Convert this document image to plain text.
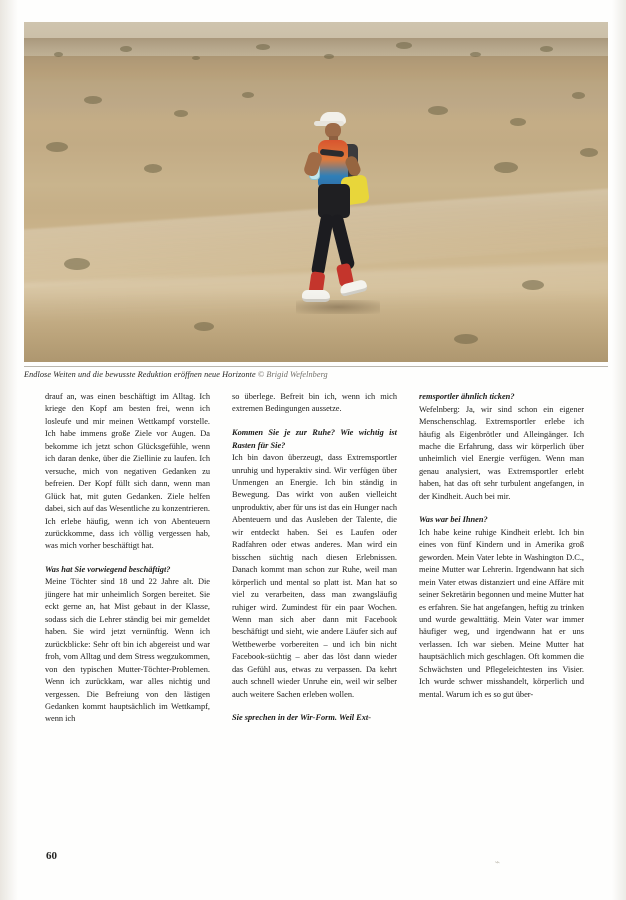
Endlose Weiten und die bewusste Reduktion eröffnen neue Horizonte © Brigid Wefelnberg

drauf an, was einen beschäftigt im Alltag. Ich kriege den Kopf am besten frei, wenn ich losleufe und mir meinen Wettkampf vorstelle. Ich habe immens große Ziele vor Augen. Da bekomme ich jetzt schon Glücksgefühle, wenn ich daran denke, über die Ziellinie zu laufen. Ich versuche, mich von negativen Gedanken zu befreien. Der Kopf füllt sich dann, wenn man Glück hat, mit guten Gedanken. Ziele helfen dabei, sich auf das Wesentliche zu konzentrieren. Ich erlebe häufig, wenn ich von Abenteuern zurückkomme, dass ich völlig vergessen hab, was mich vorher beschäftigt hat.

Was hat Sie vorwiegend beschäftigt?

Meine Töchter sind 18 und 22 Jahre alt. Die jüngere hat mir unheimlich Sorgen bereitet. Sie eckt gerne an, hat Mist gebaut in der Klasse, sodass sich die Lehrer ständig bei mir gemeldet haben. Sie wird jetzt vernünftig. Wenn ich zurückblicke: Sehr oft bin ich abgereist und war froh, vom Alltag und dem Stress wegzukommen, von den typischen Mutter-Töchter-Problemen. Wenn ich zurückkam, war alles nichtig und vergessen. Die Befreiung von den lästigen Gedanken kommt hauptsächlich im Wettkampf, wenn ich

so überlege. Befreit bin ich, wenn ich mich extremen Bedingungen aussetze.

Kommen Sie je zur Ruhe? Wie wichtig ist Rasten für Sie?

Ich bin davon überzeugt, dass Extremsportler unruhig und hyperaktiv sind. Wir verfügen über Unmengen an Energie. Ich bin ständig in Bewegung. Das wirkt von außen vielleicht unproduktiv, aber für uns ist das ein Hunger nach Abenteuern und das Ausleben der Talente, die wir entdeckt haben. Sei es Laufen oder Radfahren oder etwas anderes. Man wird ein bisschen süchtig nach diesen Erlebnissen. Danach kommt man schon zur Ruhe, weil man körperlich und mental so platt ist. Man hat so viel zu verarbeiten, dass man zwangsläufig ruhiger wird. Zumindest für ein paar Wochen. Wenn man sich aber dann mit Facebook beschäftigt und sieht, wie andere Läufer sich auf Wettbewerbe vorbereiten – und ich bin nicht Facebook-süchtig – aber das löst dann wieder das Gefühl aus, etwas zu verpassen. Da kehrt auch schnell wieder Unruhe ein, weil wir selber auch weitere Sachen erleben wollen.

Sie sprechen in der Wir-Form. Weil Ext-

remsportler ähnlich ticken?

Wefelnberg: Ja, wir sind schon ein eigener Menschenschlag. Extremsportler erlebe ich häufig als Eigenbrötler und Alleingänger. Ich mache die Erfahrung, dass wir körperlich über unheimlich viel Energie verfügen. Wenn man genau analysiert, was Extremsportler erlebt haben, hat das oft sehr turbulent angefangen, in der Kindheit. Auch bei mir.

Was war bei Ihnen?

Ich habe keine ruhige Kindheit erlebt. Ich bin eines von fünf Kindern und in Amerika groß geworden. Mein Vater lebte in Washington D.C., meine Mutter war Lehrerin. Irgendwann hat sich mein Vater etwas distanziert und eine Affäre mit seiner Sekretärin begonnen und meine Mutter hat es erfahren. Sie hat angefangen, heftig zu trinken und wurde gewalttätig. Mein Vater war immer häufiger weg, und irgendwann hat er uns verlassen. Ich war sieben. Meine Mutter hat hauptsächlich mich geschlagen. Oft kommen die Schwächsten und Pflegeleichtesten ins Visier. Ich wurde schwer misshandelt, körperlich und mental. Warum ich es so gut über-

60	⌁
